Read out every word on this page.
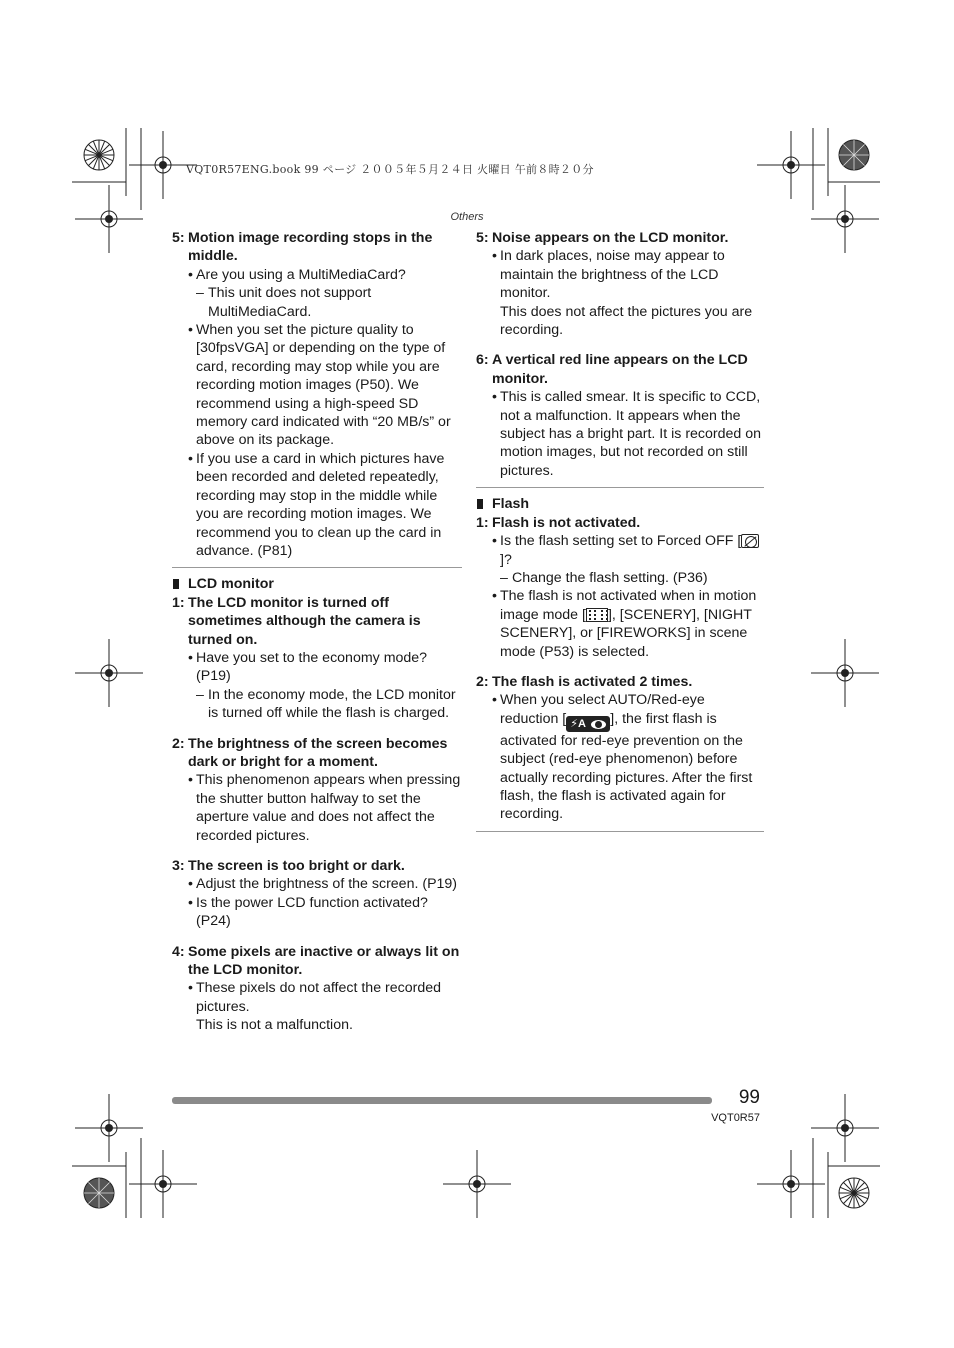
VQT0R57ENG.book 99 ページ ２００５年５月２４日 火曜日 午前８時２０分
Others
5: Motion image recording stops in the middle.
• Are you using a MultiMediaCard?
– This unit does not support MultiMediaCard.
• When you set the picture quality to [30fpsVGA] or depending on the type of card, recording may stop while you are recording motion images (P50). We recommend using a high-speed SD memory card indicated with “20 MB/s” or above on its package.
• If you use a card in which pictures have been recorded and deleted repeatedly, recording may stop in the middle while you are recording motion images. We recommend you to clean up the card in advance. (P81)
LCD monitor
1: The LCD monitor is turned off sometimes although the camera is turned on.
• Have you set to the economy mode? (P19)
– In the economy mode, the LCD monitor is turned off while the flash is charged.
2: The brightness of the screen becomes dark or bright for a moment.
• This phenomenon appears when pressing the shutter button halfway to set the aperture value and does not affect the recorded pictures.
3: The screen is too bright or dark.
• Adjust the brightness of the screen. (P19)
• Is the power LCD function activated? (P24)
4: Some pixels are inactive or always lit on the LCD monitor.
• These pixels do not affect the recorded pictures.
This is not a malfunction.
5: Noise appears on the LCD monitor.
• In dark places, noise may appear to maintain the brightness of the LCD monitor.
This does not affect the pictures you are recording.
6: A vertical red line appears on the LCD monitor.
• This is called smear. It is specific to CCD, not a malfunction. It appears when the subject has a bright part. It is recorded on motion images, but not recorded on still pictures.
Flash
1: Flash is not activated.
• Is the flash setting set to Forced OFF []?
– Change the flash setting. (P36)
• The flash is not activated when in motion image mode [ ], [SCENERY], [NIGHT SCENERY], or [FIREWORKS] in scene mode (P53) is selected.
2: The flash is activated 2 times.
• When you select AUTO/Red-eye reduction [ ⚡A ], the first flash is activated for red-eye prevention on the subject (red-eye phenomenon) before actually recording pictures. After the first flash, the flash is activated again for recording.
99
VQT0R57
